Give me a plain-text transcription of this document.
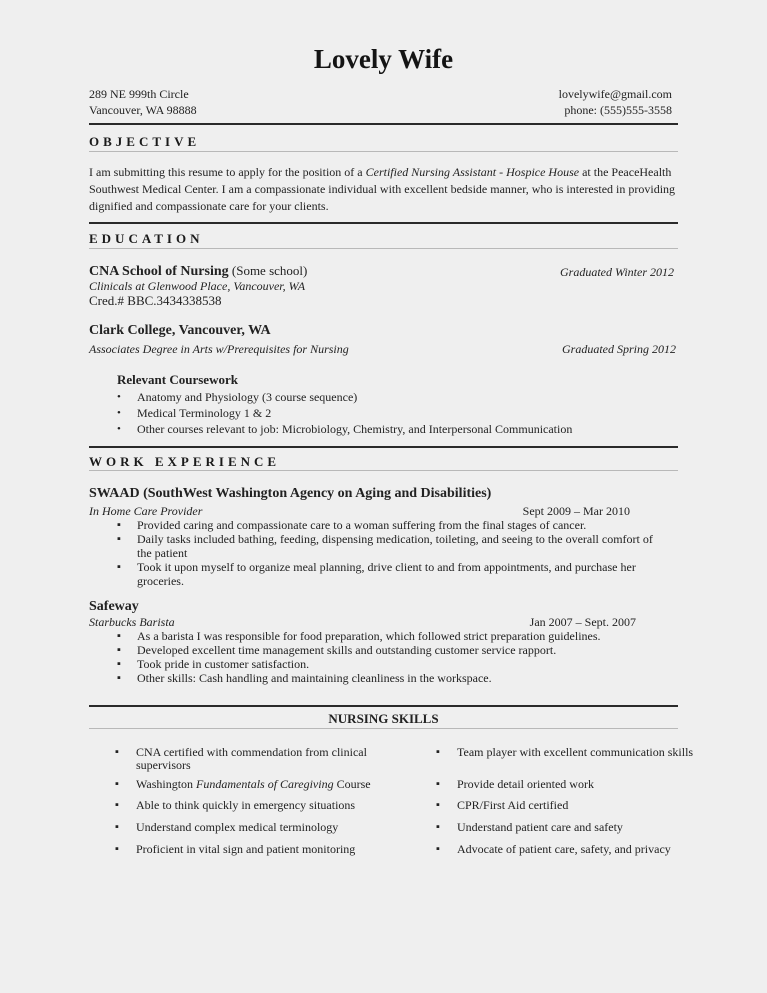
Lovely Wife
289 NE 999th Circle
Vancouver, WA 98888
lovelywife@gmail.com
phone: (555)555-3558
OBJECTIVE
I am submitting this resume to apply for the position of a Certified Nursing Assistant - Hospice House at the PeaceHealth Southwest Medical Center. I am a compassionate individual with excellent bedside manner, who is interested in providing dignified and compassionate care for your clients.
EDUCATION
CNA School of Nursing (Some school)	Graduated Winter 2012
Clinicals at Glenwood Place, Vancouver, WA
Cred.# BBC.3434338538
Clark College, Vancouver, WA
Associates Degree in Arts w/Prerequisites for Nursing	Graduated Spring 2012
Relevant Coursework
• Anatomy and Physiology (3 course sequence)
• Medical Terminology 1 & 2
• Other courses relevant to job: Microbiology, Chemistry, and Interpersonal Communication
WORK EXPERIENCE
SWAAD (SouthWest Washington Agency on Aging and Disabilities)
In Home Care Provider	Sept 2009 – Mar 2010
▪ Provided caring and compassionate care to a woman suffering from the final stages of cancer.
▪ Daily tasks included bathing, feeding, dispensing medication, toileting, and seeing to the overall comfort of the patient
▪ Took it upon myself to organize meal planning, drive client to and from appointments, and purchase her groceries.
Safeway
Starbucks Barista	Jan 2007 – Sept. 2007
▪ As a barista I was responsible for food preparation, which followed strict preparation guidelines.
▪ Developed excellent time management skills and outstanding customer service rapport.
▪ Took pride in customer satisfaction.
▪ Other skills: Cash handling and maintaining cleanliness in the workspace.
NURSING SKILLS
▪ CNA certified with commendation from clinical supervisors
▪ Washington Fundamentals of Caregiving Course
▪ Able to think quickly in emergency situations
▪ Understand complex medical terminology
▪ Proficient in vital sign and patient monitoring
▪ Team player with excellent communication skills
▪ Provide detail oriented work
▪ CPR/First Aid certified
▪ Understand patient care and safety
▪ Advocate of patient care, safety, and privacy
